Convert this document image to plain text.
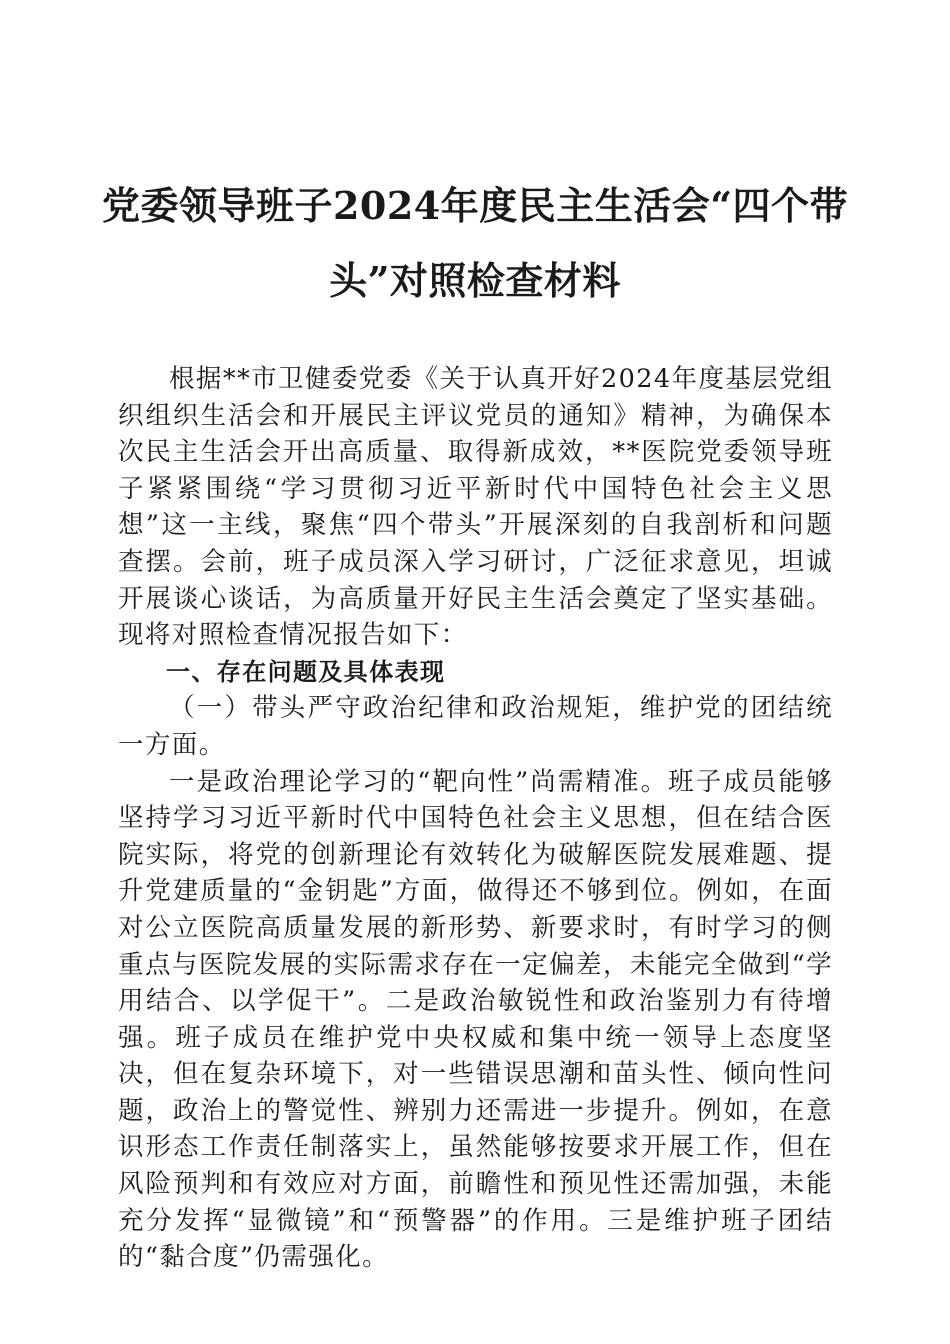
党委领导班子2024年度民主生活会“四个带头”对照检查材料

根据**市卫健委党委《关于认真开好2024年度基层党组织组织生活会和开展民主评议党员的通知》精神，为确保本次民主生活会开出高质量、取得新成效，**医院党委领导班子紧紧围绕“学习贯彻习近平新时代中国特色社会主义思想”这一主线，聚焦“四个带头”开展深刻的自我剖析和问题查摆。会前，班子成员深入学习研讨，广泛征求意见，坦诚开展谈心谈话，为高质量开好民主生活会奠定了坚实基础。现将对照检查情况报告如下：

一、存在问题及具体表现

（一）带头严守政治纪律和政治规矩，维护党的团结统一方面。

一是政治理论学习的“靶向性”尚需精准。班子成员能够坚持学习习近平新时代中国特色社会主义思想，但在结合医院实际，将党的创新理论有效转化为破解医院发展难题、提升党建质量的“金钥匙”方面，做得还不够到位。例如，在面对公立医院高质量发展的新形势、新要求时，有时学习的侧重点与医院发展的实际需求存在一定偏差，未能完全做到“学用结合、以学促干”。二是政治敏锐性和政治鉴别力有待增强。班子成员在维护党中央权威和集中统一领导上态度坚决，但在复杂环境下，对一些错误思潮和苗头性、倾向性问题，政治上的警觉性、辨别力还需进一步提升。例如，在意识形态工作责任制落实上，虽然能够按要求开展工作，但在风险预判和有效应对方面，前瞻性和预见性还需加强，未能充分发挥“显微镜”和“预警器”的作用。三是维护班子团结的“黏合度”仍需强化。
